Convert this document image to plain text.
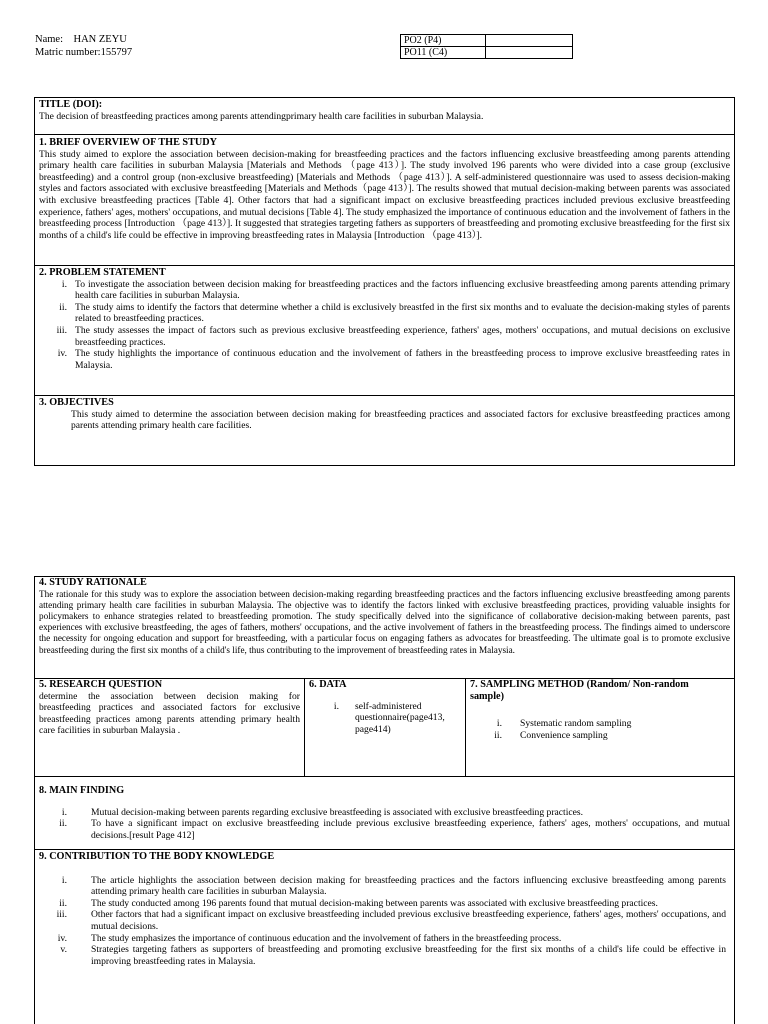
Name: HAN ZEYU
Matric number:155797
PO2 (P4)	
PO11 (C4)	
TITLE (DOI):
The decision of breastfeeding practices among parents attendingprimary health care facilities in suburban Malaysia.
1. BRIEF OVERVIEW OF THE STUDY
This study aimed to explore the association between decision-making for breastfeeding practices and the factors influencing exclusive breastfeeding among parents attending primary health care facilities in suburban Malaysia [Materials and Methods （page 413）]. The study involved 196 parents who were divided into a case group (exclusive breastfeeding) and a control group (non-exclusive breastfeeding) [Materials and Methods （page 413）]. A self-administered questionnaire was used to assess decision-making styles and factors associated with exclusive breastfeeding [Materials and Methods（page 413）]. The results showed that mutual decision-making between parents was associated with exclusive breastfeeding practices [Table 4]. Other factors that had a significant impact on exclusive breastfeeding practices included previous exclusive breastfeeding experience, fathers' ages, mothers' occupations, and mutual decisions [Table 4]. The study emphasized the importance of continuous education and the involvement of fathers in the breastfeeding process [Introduction （page 413）]. It suggested that strategies targeting fathers as supporters of breastfeeding and promoting exclusive breastfeeding for the first six months of a child's life could be effective in improving breastfeeding rates in Malaysia [Introduction （page 413）].
2. PROBLEM STATEMENT
i. To investigate the association between decision making for breastfeeding practices and the factors influencing exclusive breastfeeding among parents attending primary health care facilities in suburban Malaysia.
ii. The study aims to identify the factors that determine whether a child is exclusively breastfed in the first six months and to evaluate the decision-making styles of parents related to breastfeeding practices.
iii. The study assesses the impact of factors such as previous exclusive breastfeeding experience, fathers' ages, mothers' occupations, and mutual decisions on exclusive breastfeeding practices.
iv. The study highlights the importance of continuous education and the involvement of fathers in the breastfeeding process to improve exclusive breastfeeding rates in Malaysia.
3. OBJECTIVES
This study aimed to determine the association between decision making for breastfeeding practices and associated factors for exclusive breastfeeding practices among parents attending primary health care facilities.
4. STUDY RATIONALE
The rationale for this study was to explore the association between decision-making regarding breastfeeding practices and the factors influencing exclusive breastfeeding among parents attending primary health care facilities in suburban Malaysia. The objective was to identify the factors linked with exclusive breastfeeding practices, providing valuable insights for policymakers to enhance strategies related to breastfeeding promotion. The study specifically delved into the significance of collaborative decision-making between parents, past experiences with exclusive breastfeeding, the ages of fathers, mothers' occupations, and the active involvement of fathers in the breastfeeding process. The findings aimed to underscore the necessity for ongoing education and support for breastfeeding, with a particular focus on engaging fathers as advocates for breastfeeding. The ultimate goal is to promote exclusive breastfeeding during the first six months of a child's life, thus contributing to the improvement of breastfeeding rates in Malaysia.
5. RESEARCH QUESTION
determine the association between decision making for breastfeeding practices and associated factors for exclusive breastfeeding practices among parents attending primary health care facilities in suburban Malaysia .
6. DATA
i. self-administered questionnaire(page413, page414)
7. SAMPLING METHOD (Random/ Non-random sample)
i. Systematic random sampling
ii. Convenience sampling
8. MAIN FINDING
i.	Mutual decision-making between parents regarding exclusive breastfeeding is associated with exclusive breastfeeding practices.
ii.	To have a significant impact on exclusive breastfeeding include previous exclusive breastfeeding experience, fathers' ages, mothers' occupations, and mutual decisions.[result Page 412]
9. CONTRIBUTION TO THE BODY KNOWLEDGE
i.	The article highlights the association between decision making for breastfeeding practices and the factors influencing exclusive breastfeeding among parents attending primary health care facilities in suburban Malaysia.
ii.	The study conducted among 196 parents found that mutual decision-making between parents was associated with exclusive breastfeeding practices.
iii.	Other factors that had a significant impact on exclusive breastfeeding included previous exclusive breastfeeding experience, fathers' ages, mothers' occupations, and mutual decisions.
iv.	The study emphasizes the importance of continuous education and the involvement of fathers in the breastfeeding process.
v.	Strategies targeting fathers as supporters of breastfeeding and promoting exclusive breastfeeding for the first six months of a child's life could be effective in improving breastfeeding rates in Malaysia.
